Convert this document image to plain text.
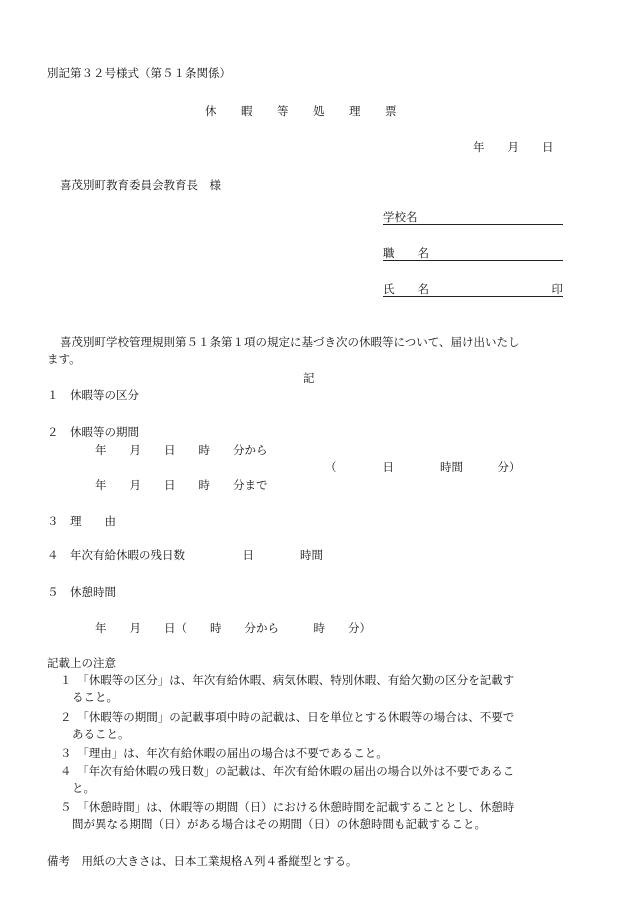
別記第３２号様式（第５１条関係）
休　　暇　　等　　処　　理　　票
年　　月　　日
喜茂別町教育委員会教育長　様
学校名
職　　名
氏　　名	印
喜茂別町学校管理規則第５１条第１項の規定に基づき次の休暇等について、届け出いたし
ます。
記
１　休暇等の区分
２　休暇等の期間
年　　月　　日　　時　　分から
（　　　　日　　　　時間　　　分）
年　　月　　日　　時　　分まで
３　理　　由
４　年次有給休暇の残日数　　　　　日　　　　時間
５　休憩時間
年　　月　　日（　　時　　分から　　　時　　分）
記載上の注意
１　「休暇等の区分」は、年次有給休暇、病気休暇、特別休暇、有給欠勤の区分を記載す
ること。
２　「休暇等の期間」の記載事項中時の記載は、日を単位とする休暇等の場合は、不要で
あること。
３　「理由」は、年次有給休暇の届出の場合は不要であること。
４　「年次有給休暇の残日数」の記載は、年次有給休暇の届出の場合以外は不要であるこ
と。
５　「休憩時間」は、休暇等の期間（日）における休憩時間を記載することとし、休憩時
間が異なる期間（日）がある場合はその期間（日）の休憩時間も記載すること。
備考　用紙の大きさは、日本工業規格Ａ列４番縦型とする。
